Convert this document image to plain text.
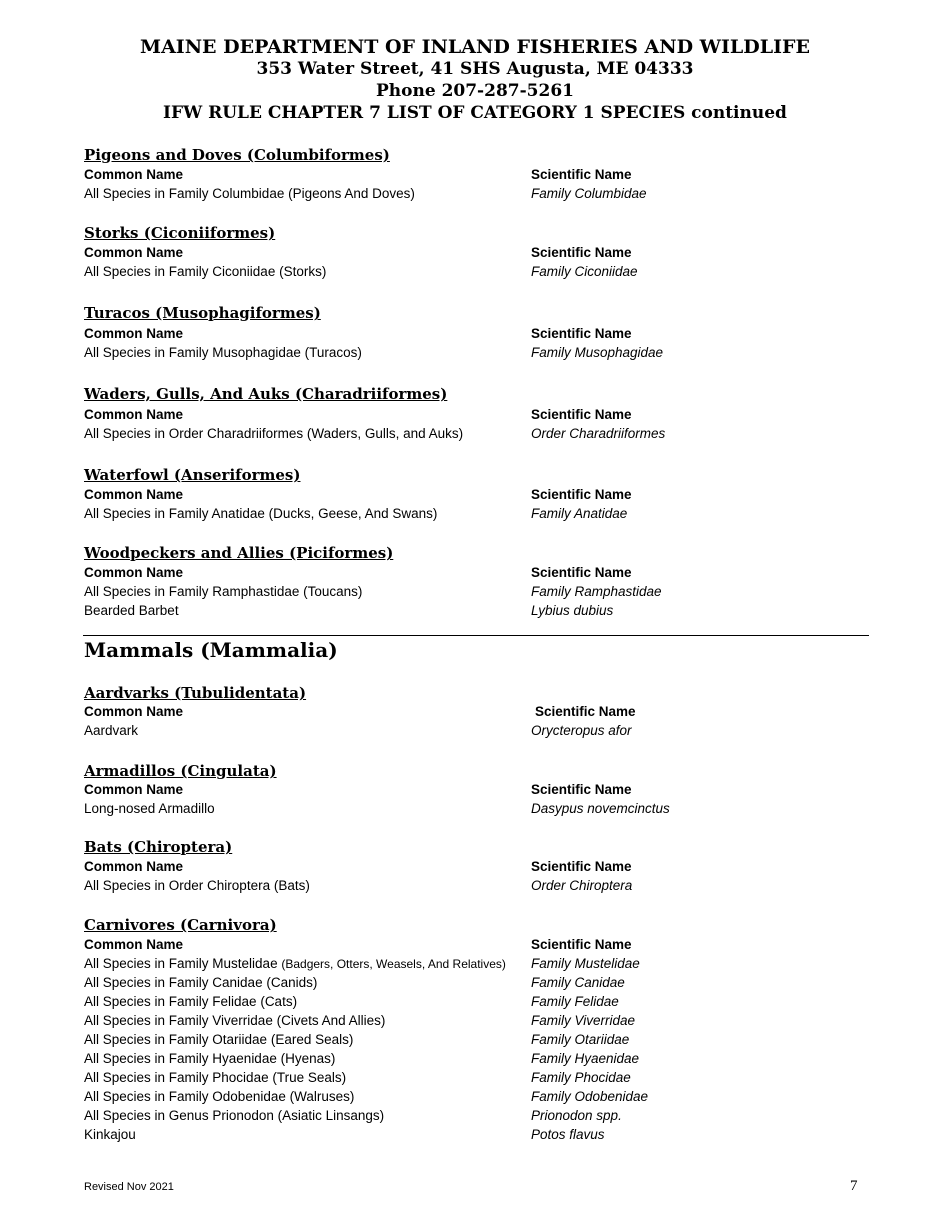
MAINE DEPARTMENT OF INLAND FISHERIES AND WILDLIFE
353 Water Street, 41 SHS Augusta, ME 04333
Phone 207-287-5261
IFW RULE CHAPTER 7 LIST OF CATEGORY 1 SPECIES continued
Pigeons and Doves (Columbiformes)
Common Name	Scientific Name
All Species in Family Columbidae (Pigeons And Doves)	Family Columbidae
Storks (Ciconiiformes)
Common Name	Scientific Name
All Species in Family Ciconiidae (Storks)	Family Ciconiidae
Turacos (Musophagiformes)
Common Name	Scientific Name
All Species in Family Musophagidae (Turacos)	Family Musophagidae
Waders, Gulls, And Auks (Charadriiformes)
Common Name	Scientific Name
All Species in Order Charadriiformes (Waders, Gulls, and Auks)	Order Charadriiformes
Waterfowl (Anseriformes)
Common Name	Scientific Name
All Species in Family Anatidae (Ducks, Geese, And Swans)	Family Anatidae
Woodpeckers and Allies (Piciformes)
Common Name	Scientific Name
All Species in Family Ramphastidae (Toucans)	Family Ramphastidae
Bearded Barbet	Lybius dubius
Mammals (Mammalia)
Aardvarks (Tubulidentata)
Common Name	Scientific Name
Aardvark	Orycteropus afor
Armadillos (Cingulata)
Common Name	Scientific Name
Long-nosed Armadillo	Dasypus novemcinctus
Bats (Chiroptera)
Common Name	Scientific Name
All Species in Order Chiroptera (Bats)	Order Chiroptera
Carnivores (Carnivora)
Common Name	Scientific Name
All Species in Family Mustelidae (Badgers, Otters, Weasels, And Relatives) Family Mustelidae
All Species in Family Canidae (Canids)	Family Canidae
All Species in Family Felidae (Cats)	Family Felidae
All Species in Family Viverridae (Civets And Allies)	Family Viverridae
All Species in Family Otariidae (Eared Seals)	Family Otariidae
All Species in Family Hyaenidae (Hyenas)	Family Hyaenidae
All Species in Family Phocidae (True Seals)	Family Phocidae
All Species in Family Odobenidae (Walruses)	Family Odobenidae
All Species in Genus Prionodon (Asiatic Linsangs)	Prionodon spp.
Kinkajou	Potos flavus
Revised Nov 2021	7
